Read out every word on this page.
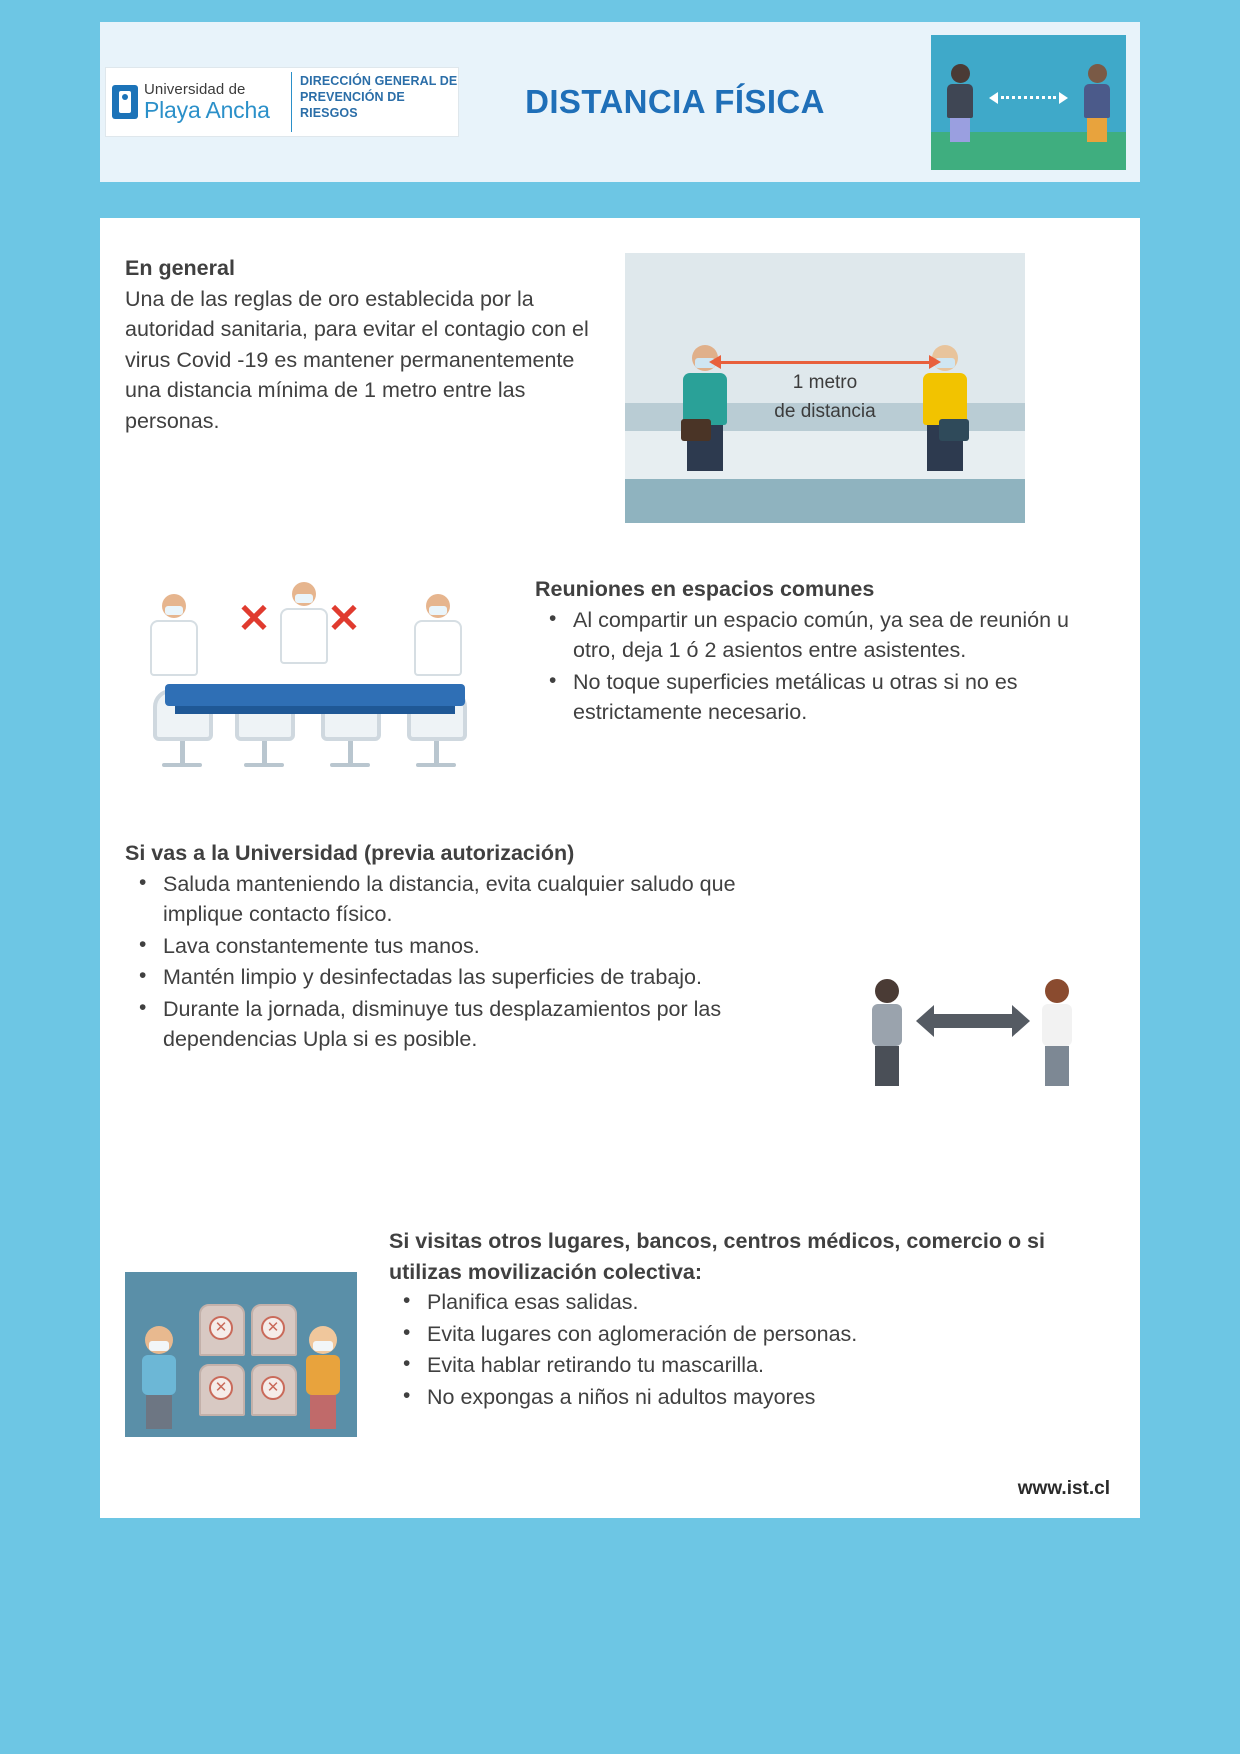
Universidad de
Playa Ancha
DIRECCIÓN GENERAL DE PREVENCIÓN DE RIESGOS	DISTANCIA FÍSICA
En general
Una de las reglas de oro establecida por la autoridad sanitaria, para evitar el contagio con el virus Covid -19 es mantener permanentemente una distancia mínima de 1 metro entre las personas.
1 metro
de distancia
✕ ✕
Reuniones en espacios comunes
• Al compartir un espacio común, ya sea de reunión u otro, deja 1 ó 2 asientos entre asistentes.
• No toque superficies metálicas u otras si no es estrictamente necesario.
Si vas a la Universidad (previa autorización)
• Saluda manteniendo la distancia, evita cualquier saludo que implique contacto físico.
• Lava constantemente tus manos.
• Mantén limpio y desinfectadas las superficies de trabajo.
• Durante la jornada, disminuye tus desplazamientos por las dependencias Upla si es posible.
✕	✕
✕	✕
Si visitas otros lugares, bancos, centros médicos, comercio o si utilizas movilización colectiva:
• Planifica esas salidas.
• Evita lugares con aglomeración de personas.
• Evita hablar retirando tu mascarilla.
• No expongas a niños ni adultos mayores
www.ist.cl
